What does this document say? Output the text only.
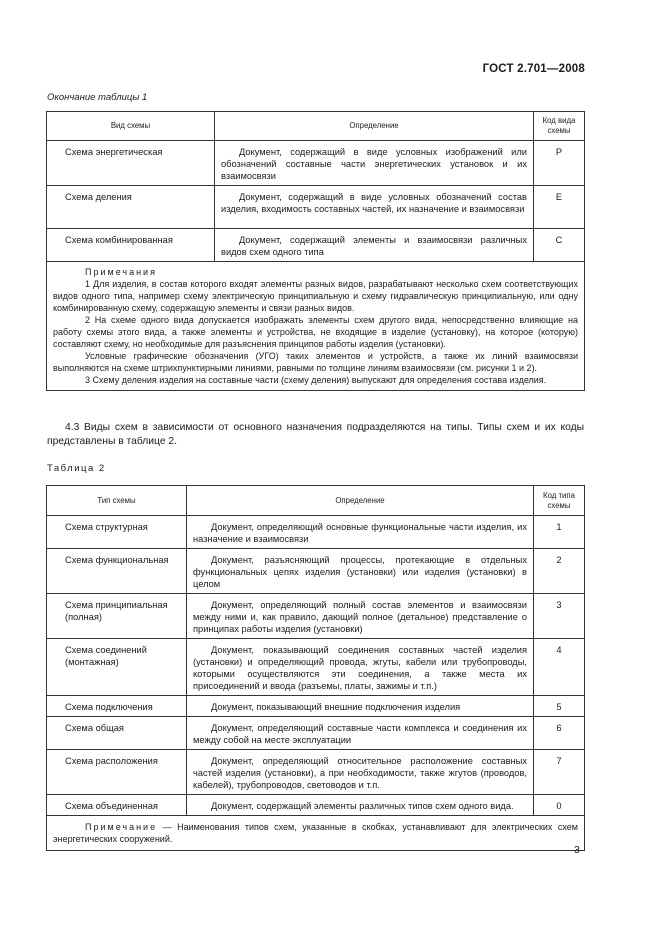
ГОСТ 2.701—2008
Окончание таблицы 1
Вид схемы	Определение	Код вида схемы
Схема энергетическая	Документ, содержащий в виде условных изображений или обозначений составные части энергетических установок и их взаимосвязи	Р
Схема деления	Документ, содержащий в виде условных обозначений состав изделия, входимость составных частей, их назначение и взаимосвязи	Е
Схема комбинированная	Документ, содержащий элементы и взаимосвязи различных видов схем одного типа	С

Примечания

1 Для изделия, в состав которого входят элементы разных видов, разрабатывают несколько схем соответствующих видов одного типа, например схему электрическую принципиальную и схему гидравлическую принципиальную, или одну комбинированную схему, содержащую элементы и связи разных видов.

2 На схеме одного вида допускается изображать элементы схем другого вида, непосредственно влияющие на работу схемы этого вида, а также элементы и устройства, не входящие в изделие (установку), на которое (которую) составляют схему, но необходимые для разъяснения принципов работы изделия (установки).

Условные графические обозначения (УГО) таких элементов и устройств, а также их линий взаимосвязи выполняются на схеме штрихпунктирными линиями, равными по толщине линиям взаимосвязи (см. рисунки 1 и 2).

3 Схему деления изделия на составные части (схему деления) выпускают для определения состава изделия.		

4.3 Виды схем в зависимости от основного назначения подразделяются на типы. Типы схем и их коды представлены в таблице 2.
Таблица 2
Тип схемы	Определение	Код типа схемы
Схема структурная	Документ, определяющий основные функциональные части изделия, их назначение и взаимосвязи	1
Схема функциональная	Документ, разъясняющий процессы, протекающие в отдельных функциональных цепях изделия (установки) или изделия (установки) в целом	2
Схема принципиальная (полная)	Документ, определяющий полный состав элементов и взаимосвязи между ними и, как правило, дающий полное (детальное) представление о принципах работы изделия (установки)	3
Схема соединений (монтажная)	Документ, показывающий соединения составных частей изделия (установки) и определяющий провода, жгуты, кабели или трубопроводы, которыми осуществляются эти соединения, а также места их присоединений и ввода (разъемы, платы, зажимы и т.п.)	4
Схема подключения	Документ, показывающий внешние подключения изделия	5
Схема общая	Документ, определяющий составные части комплекса и соединения их между собой на месте эксплуатации	6
Схема расположения	Документ, определяющий относительное расположение составных частей изделия (установки), а при необходимости, также жгутов (проводов, кабелей), трубопроводов, световодов и т.п.	7
Схема объединенная	Документ, содержащий элементы различных типов схем одного вида.	0
Примечание — Наименования типов схем, указанные в скобках, устанавливают для электрических схем энергетических сооружений.		
3
